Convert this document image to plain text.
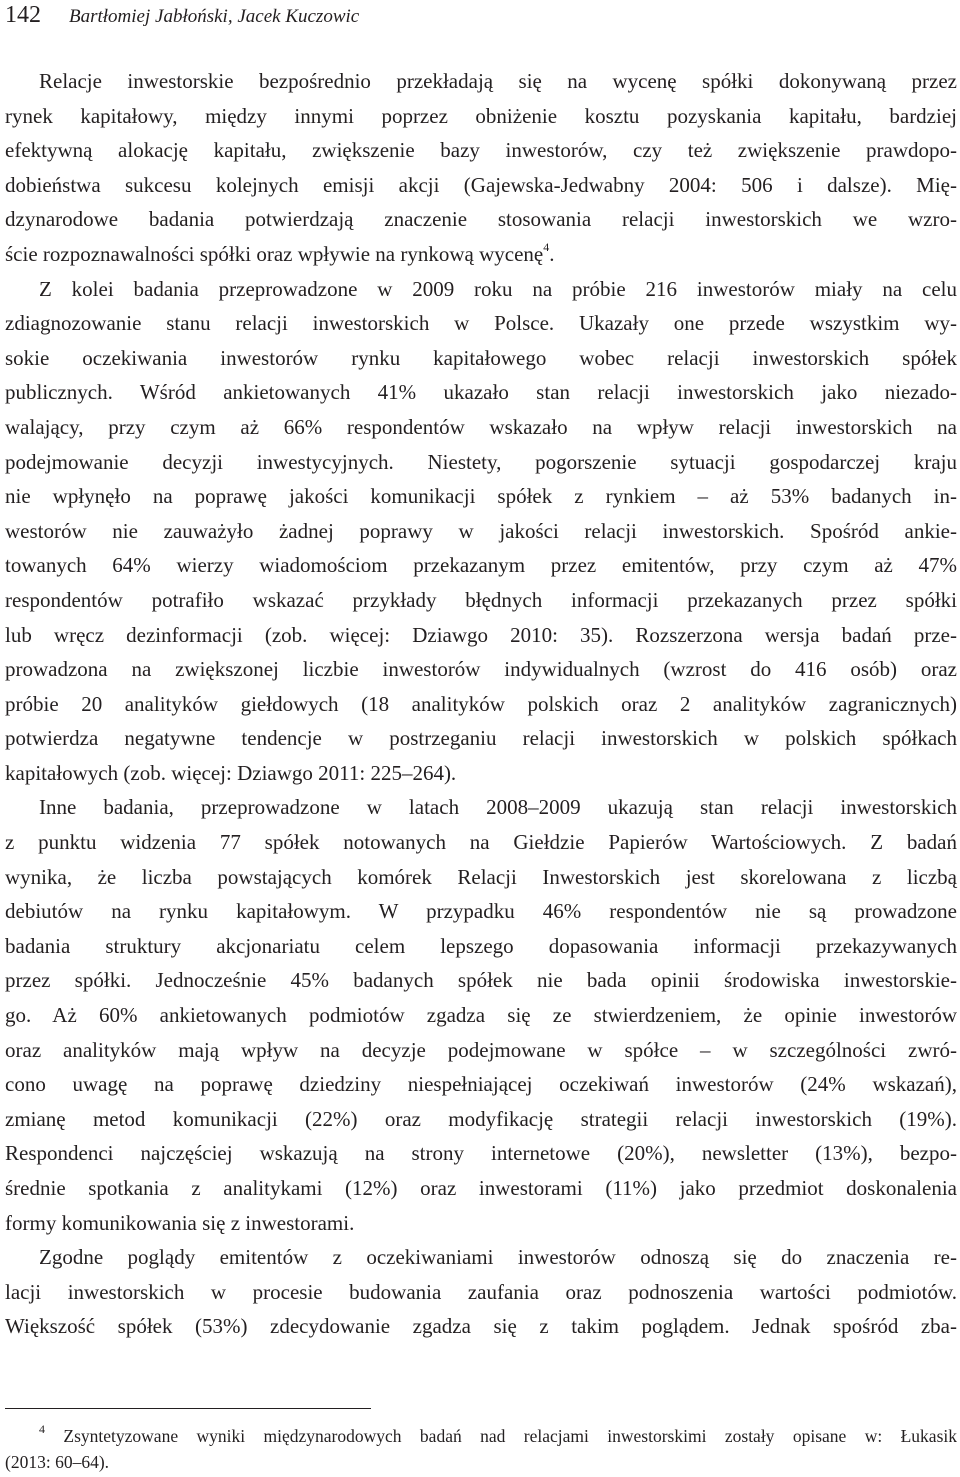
142 Bartłomiej Jabłoński, Jacek Kuczowic
Relacje inwestorskie bezpośrednio przekładają się na wycenę spółki dokonywaną przez
rynek kapitałowy, między innymi poprzez obniżenie kosztu pozyskania kapitału, bardziej
efektywną alokację kapitału, zwiększenie bazy inwestorów, czy też zwiększenie prawdopo-
dobieństwa sukcesu kolejnych emisji akcji (Gajewska-Jedwabny 2004: 506 i dalsze). Mię-
dzynarodowe badania potwierdzają znaczenie stosowania relacji inwestorskich we wzro-
ście rozpoznawalności spółki oraz wpływie na rynkową wycenę$^4$.
Z kolei badania przeprowadzone w 2009 roku na próbie 216 inwestorów miały na celu
zdiagnozowanie stanu relacji inwestorskich w Polsce. Ukazały one przede wszystkim wy-
sokie oczekiwania inwestorów rynku kapitałowego wobec relacji inwestorskich spółek
publicznych. Wśród ankietowanych 41% ukazało stan relacji inwestorskich jako niezado-
walający, przy czym aż 66% respondentów wskazało na wpływ relacji inwestorskich na
podejmowanie decyzji inwestycyjnych. Niestety, pogorszenie sytuacji gospodarczej kraju
nie wpłynęło na poprawę jakości komunikacji spółek z rynkiem – aż 53% badanych in-
westorów nie zauważyło żadnej poprawy w jakości relacji inwestorskich. Spośród ankie-
towanych 64% wierzy wiadomościom przekazanym przez emitentów, przy czym aż 47%
respondentów potrafiło wskazać przykłady błędnych informacji przekazanych przez spółki
lub wręcz dezinformacji (zob. więcej: Dziawgo 2010: 35). Rozszerzona wersja badań prze-
prowadzona na zwiększonej liczbie inwestorów indywidualnych (wzrost do 416 osób) oraz
próbie 20 analityków giełdowych (18 analityków polskich oraz 2 analityków zagranicznych)
potwierdza negatywne tendencje w postrzeganiu relacji inwestorskich w polskich spółkach
kapitałowych (zob. więcej: Dziawgo 2011: 225–264).
Inne badania, przeprowadzone w latach 2008–2009 ukazują stan relacji inwestorskich
z punktu widzenia 77 spółek notowanych na Giełdzie Papierów Wartościowych. Z badań
wynika, że liczba powstających komórek Relacji Inwestorskich jest skorelowana z liczbą
debiutów na rynku kapitałowym. W przypadku 46% respondentów nie są prowadzone
badania struktury akcjonariatu celem lepszego dopasowania informacji przekazywanych
przez spółki. Jednocześnie 45% badanych spółek nie bada opinii środowiska inwestorskie-
go. Aż 60% ankietowanych podmiotów zgadza się ze stwierdzeniem, że opinie inwestorów
oraz analityków mają wpływ na decyzje podejmowane w spółce – w szczególności zwró-
cono uwagę na poprawę dziedziny niespełniającej oczekiwań inwestorów (24% wskazań),
zmianę metod komunikacji (22%) oraz modyfikację strategii relacji inwestorskich (19%).
Respondenci najczęściej wskazują na strony internetowe (20%), newsletter (13%), bezpo-
średnie spotkania z analitykami (12%) oraz inwestorami (11%) jako przedmiot doskonalenia
formy komunikowania się z inwestorami.
Zgodne poglądy emitentów z oczekiwaniami inwestorów odnoszą się do znaczenia re-
lacji inwestorskich w procesie budowania zaufania oraz podnoszenia wartości podmiotów.
Większość spółek (53%) zdecydowanie zgadza się z takim poglądem. Jednak spośród zba-
$^4$ Zsyntetyzowane wyniki międzynarodowych badań nad relacjami inwestorskimi zostały opisane w: Łukasik
(2013: 60–64).
